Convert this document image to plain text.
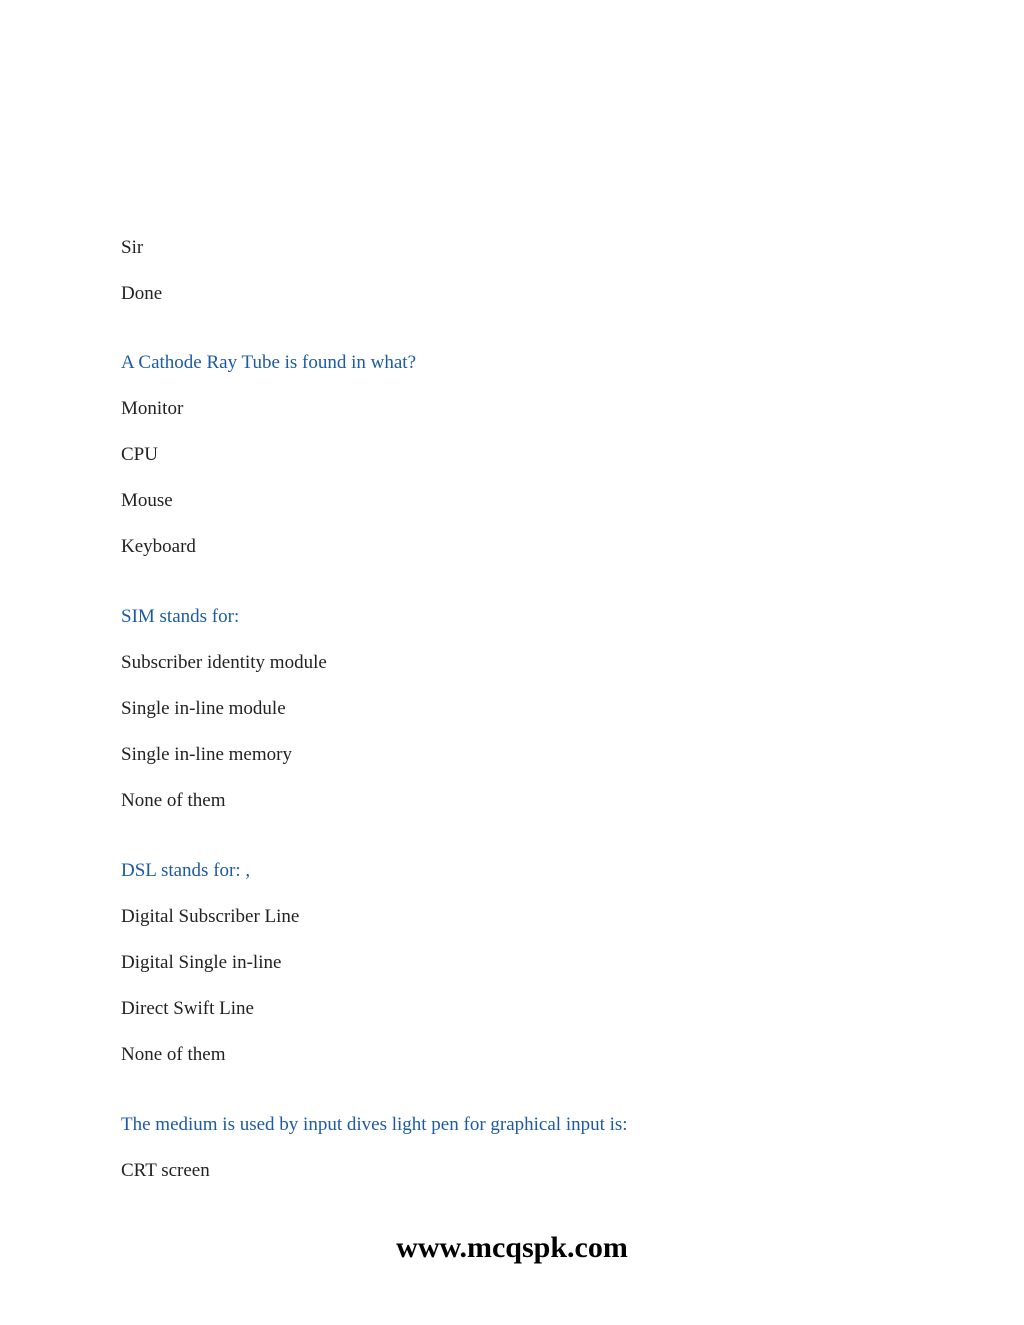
Sir
Done
A Cathode Ray Tube is found in what?
Monitor
CPU
Mouse
Keyboard
SIM stands for:
Subscriber identity module
Single in-line module
Single in-line memory
None of them
DSL stands for: ,
Digital Subscriber Line
Digital Single in-line
Direct Swift Line
None of them
The medium is used by input dives light pen for graphical input is:
CRT screen
www.mcqspk.com
